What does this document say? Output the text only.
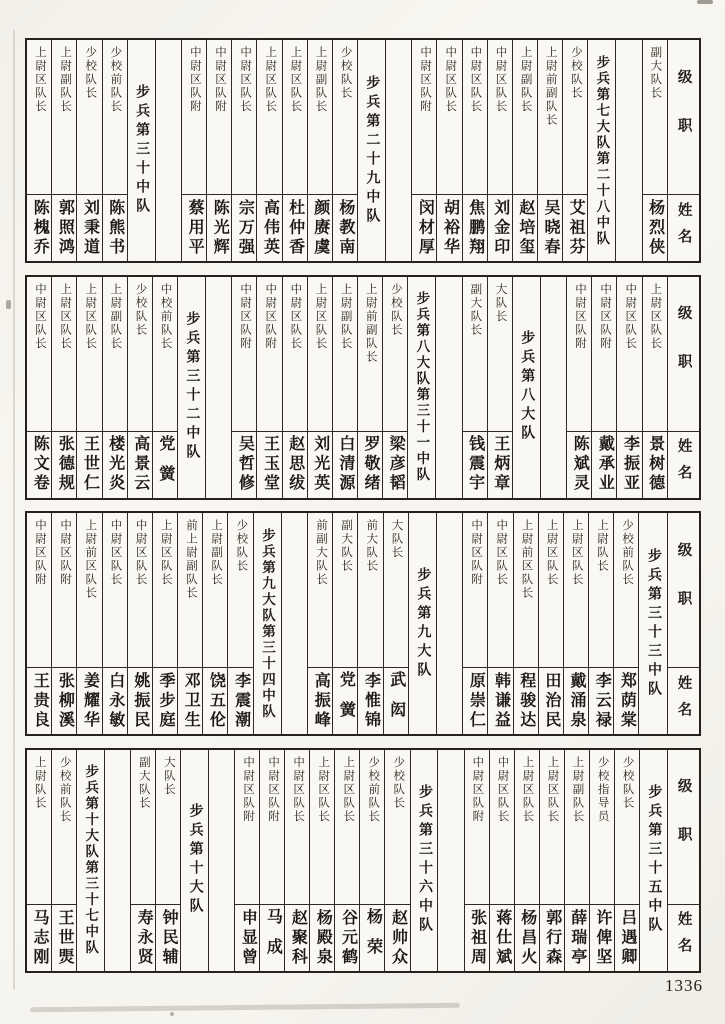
级职
姓名
副大队长
杨烈侠
步兵第七大队第二十八中队
少校队长
艾祖芬
上尉前副队长
吴晓春
上尉副队长
赵培玺
中尉区队长
刘金印
中尉区队长
焦鹏翔
中尉区队长
胡裕华
中尉区队附
闵材厚
步兵第二十九中队
少校队长
杨教南
上尉副队长
颜赓虞
上尉区队长
杜仲香
上尉区队长
高伟英
中尉区队长
宗万强
中尉区队附
陈光辉
中尉区队附
蔡用平
步兵第三十中队
少校前队长
陈熊书
少校队长
刘秉道
上尉副队长
郭照鸿
上尉区队长
陈槐乔
级职
姓名
上尉区队长
景树德
中尉区队长
李振亚
中尉区队附
戴承业
中尉区队附
陈斌灵
步兵第八大队
大队长
王炳章
副大队长
钱震宇
步兵第八大队第三十一中队
少校队长
梁彦韬
上尉前副队长
罗敬绪
上尉副队长
白清源
上尉区队长
刘光英
中尉区队长
赵思绂
中尉区队附
王玉堂
中尉区队附
吴哲修
步兵第三十二中队
中校前队长
党黉
少校队长
高景云
上尉副队长
楼光炎
上尉区队长
王世仁
上尉区队长
张德规
中尉区队长
陈文卷
级职
姓名
步兵第三十三中队
少校前队长
郑荫棠
上尉队长
李云禄
上尉区队长
戴涌泉
上尉区队长
田治民
上尉前区队长
程骏达
中尉区队长
韩谦益
中尉区队附
原崇仁
步兵第九大队
大队长
武闳
前大队长
李惟锦
副大队长
党黉
前副大队长
高振峰
步兵第九大队第三十四中队
少校队长
李震潮
上尉副队长
饶五伦
前上尉副队长
邓卫生
上尉区队长
季步庭
中尉区队长
姚振民
中尉区队长
白永敏
上尉前区队长
姜耀华
中尉区队附
张柳溪
中尉区队附
王贵良
级职
姓名
步兵第三十五中队
少校队长
吕遇卿
少校指导员
许俾坚
上尉副队长
薛瑞亭
上尉区队长
郭行森
上尉区队长
杨昌火
中尉区队长
蒋仕斌
中尉区队附
张祖周
步兵第三十六中队
少校队长
赵帅众
少校前队长
杨荣
上尉区队长
谷元鹤
上尉区队长
杨殿泉
中尉区队长
赵聚科
中尉区队附
马成
中尉区队附
申显曾
步兵第十大队
大队长
钟民辅
副大队长
寿永贤
步兵第十大队第三十七中队
少校前队长
王世煚
上尉队长
马志刚
1336
